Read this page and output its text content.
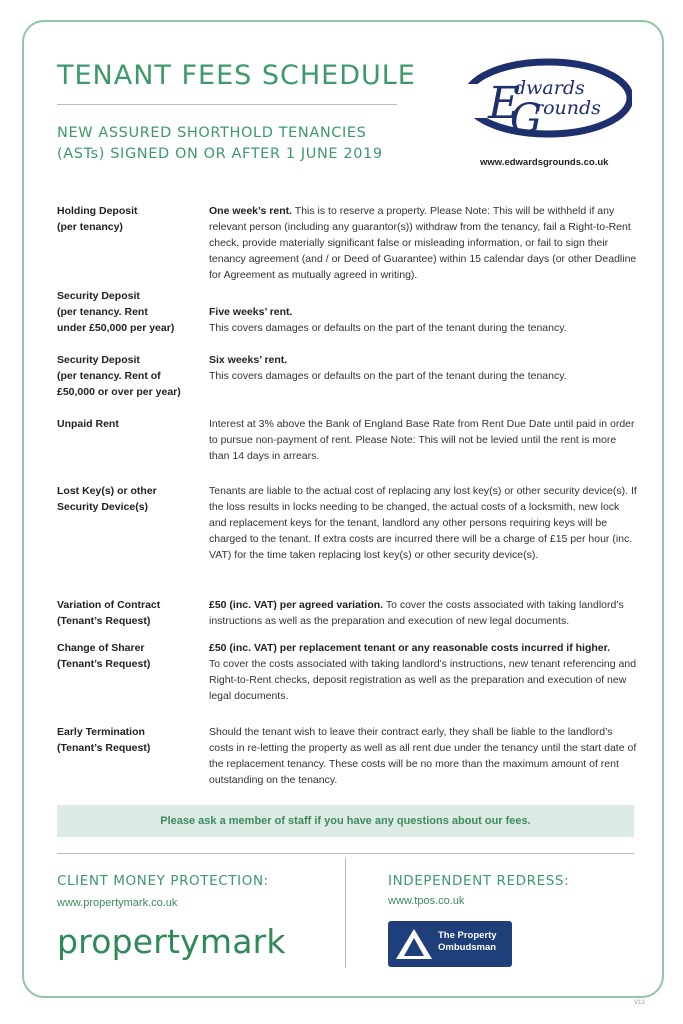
TENANT FEES SCHEDULE
NEW ASSURED SHORTHOLD TENANCIES
(ASTs) SIGNED ON OR AFTER 1 JUNE 2019
E
dwards
G
rounds
www.edwardsgrounds.co.uk
Holding Deposit
(per tenancy)
One week’s rent. This is to reserve a property. Please Note: This will be withheld if any relevant person (including any guarantor(s)) withdraw from the tenancy, fail a Right-to-Rent check, provide materially significant false or misleading information, or fail to sign their tenancy agreement (and / or Deed of Guarantee) within 15 calendar days (or other Deadline for Agreement as mutually agreed in writing).
Security Deposit
(per tenancy. Rent
under £50,000 per year)
Five weeks’ rent.
This covers damages or defaults on the part of the tenant during the tenancy.
Security Deposit
(per tenancy. Rent of
£50,000 or over per year)
Six weeks’ rent.
This covers damages or defaults on the part of the tenant during the tenancy.
Unpaid Rent	Interest at 3% above the Bank of England Base Rate from Rent Due Date until paid in order to pursue non-payment of rent. Please Note: This will not be levied until the rent is more than 14 days in arrears.
Lost Key(s) or other
Security Device(s)
Tenants are liable to the actual cost of replacing any lost key(s) or other security device(s). If the loss results in locks needing to be changed, the actual costs of a locksmith, new lock and replacement keys for the tenant, landlord any other persons requiring keys will be charged to the tenant. If extra costs are incurred there will be a charge of £15 per hour (inc. VAT) for the time taken replacing lost key(s) or other security device(s).
Variation of Contract
(Tenant’s Request)
£50 (inc. VAT) per agreed variation. To cover the costs associated with taking landlord’s instructions as well as the preparation and execution of new legal documents.
Change of Sharer
(Tenant’s Request)
£50 (inc. VAT) per replacement tenant or any reasonable costs incurred if higher.
To cover the costs associated with taking landlord’s instructions, new tenant referencing and Right-to-Rent checks, deposit registration as well as the preparation and execution of new legal documents.
Early Termination
(Tenant’s Request)
Should the tenant wish to leave their contract early, they shall be liable to the landlord’s costs in re-letting the property as well as all rent due under the tenancy until the start date of the replacement tenancy. These costs will be no more than the maximum amount of rent outstanding on the tenancy.
Please ask a member of staff if you have any questions about our fees.
CLIENT MONEY PROTECTION:
www.propertymark.co.uk
propertymark
INDEPENDENT REDRESS:
www.tpos.co.uk
The Property
Ombudsman
V13
